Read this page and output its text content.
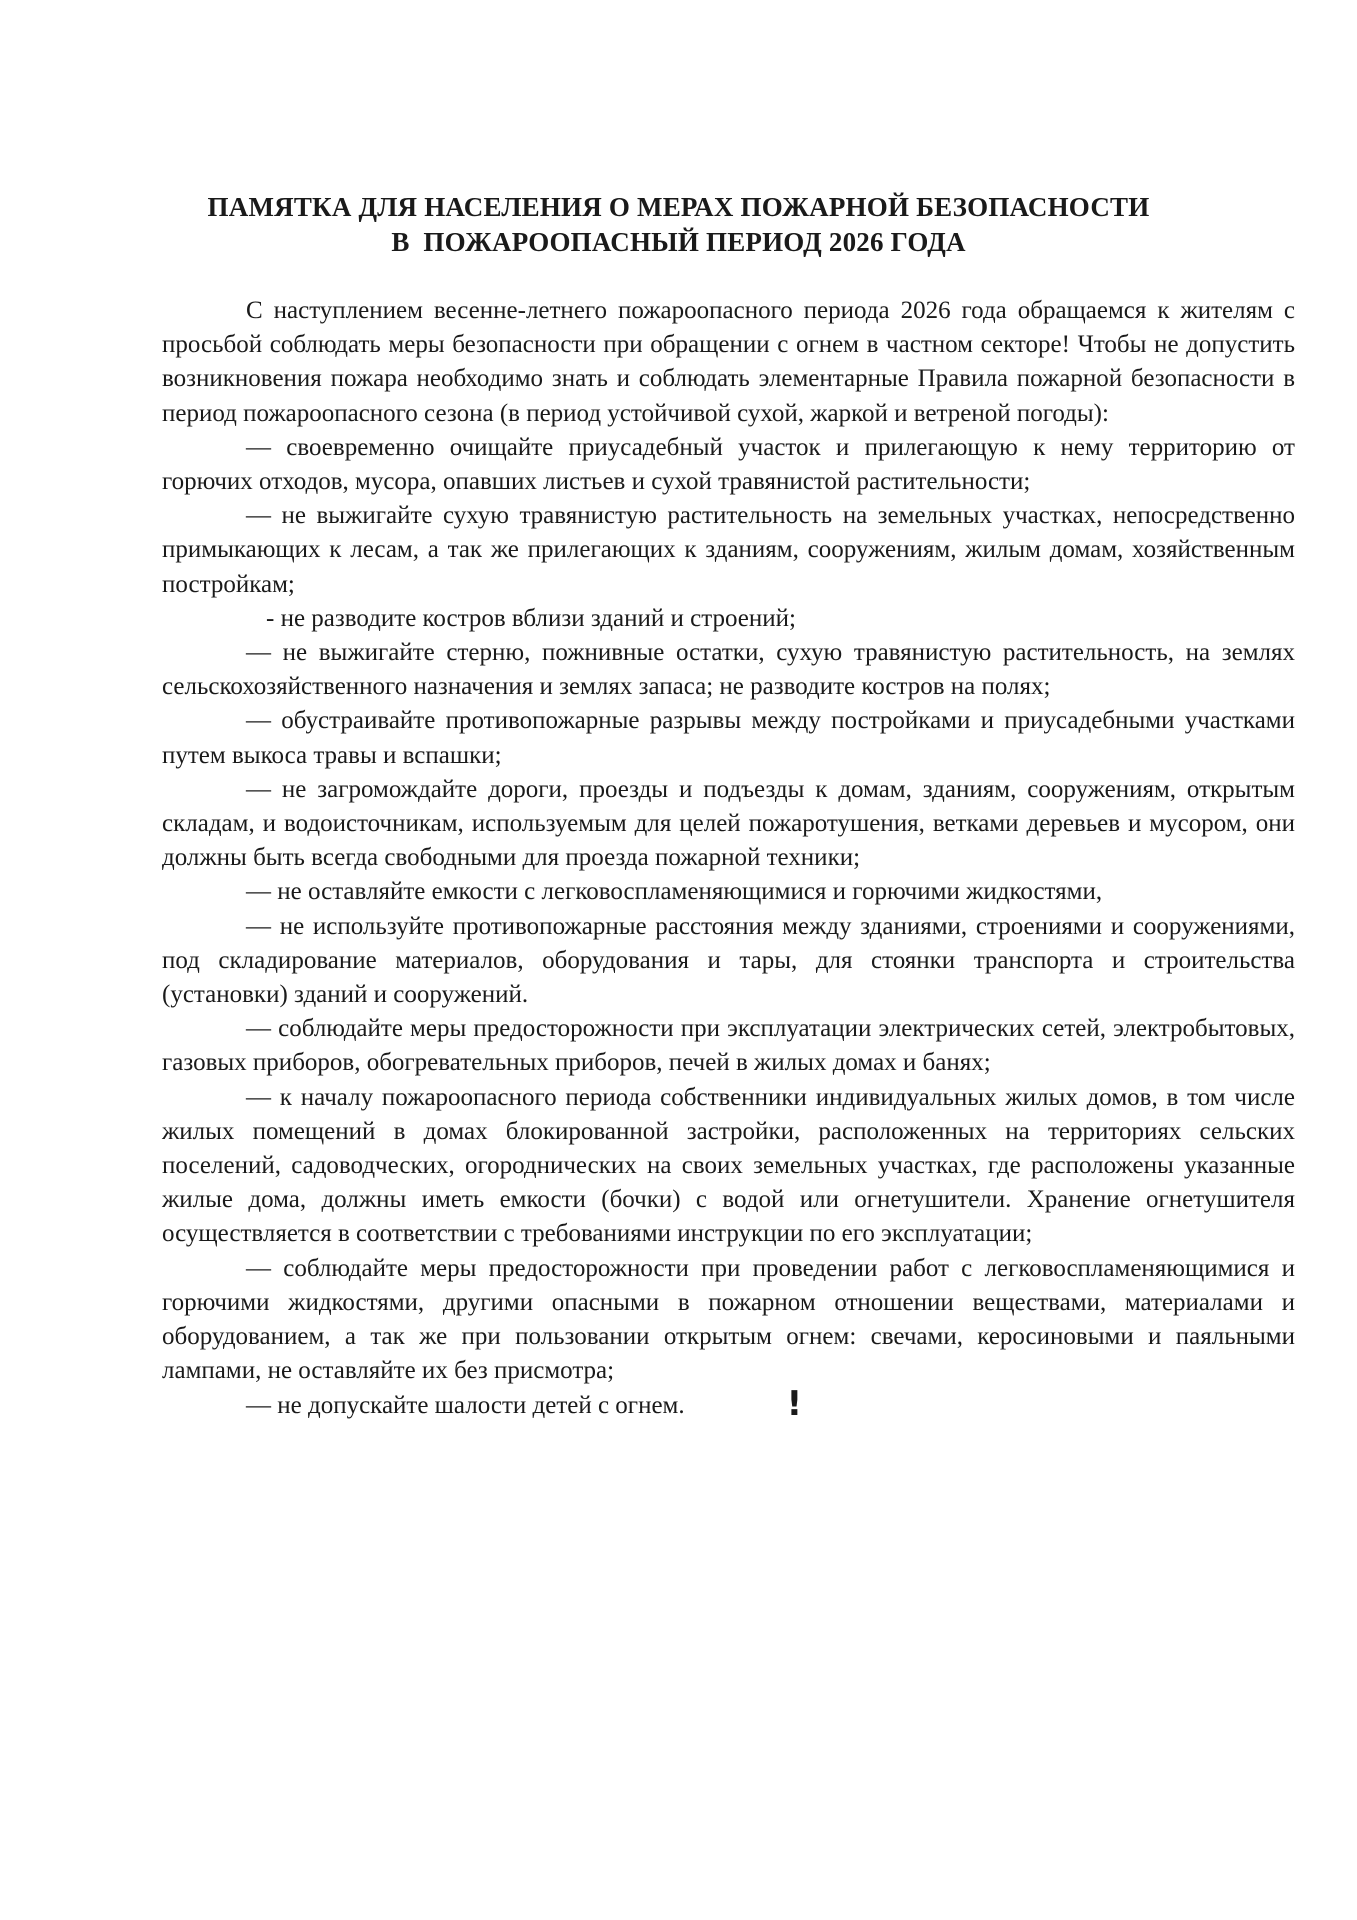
ПАМЯТКА ДЛЯ НАСЕЛЕНИЯ О МЕРАХ ПОЖАРНОЙ БЕЗОПАСНОСТИ
В  ПОЖАРООПАСНЫЙ ПЕРИОД 2026 ГОДА

С наступлением весенне-летнего пожароопасного периода 2026 года обращаемся к жителям с просьбой соблюдать меры безопасности при обращении с огнем в частном секторе! Чтобы не допустить возникновения пожара необходимо знать и соблюдать элементарные Правила пожарной безопасности в период пожароопасного сезона (в период устойчивой сухой, жаркой и ветреной погоды):

— своевременно очищайте приусадебный участок и прилегающую к нему территорию от горючих отходов, мусора, опавших листьев и сухой травянистой растительности;

— не выжигайте сухую травянистую растительность на земельных участках, непосредственно примыкающих к лесам, а так же прилегающих к зданиям, сооружениям, жилым домам, хозяйственным постройкам;

- не разводите костров вблизи зданий и строений;

— не выжигайте стерню, пожнивные остатки, сухую травянистую растительность, на землях сельскохозяйственного назначения и землях запаса; не разводите костров на полях;

— обустраивайте противопожарные разрывы между постройками и приусадебными участками путем выкоса травы и вспашки;

— не загромождайте дороги, проезды и подъезды к домам, зданиям, сооружениям, открытым складам, и водоисточникам, используемым для целей пожаротушения, ветками деревьев и мусором, они должны быть всегда свободными для проезда пожарной техники;

— не оставляйте емкости с легковоспламеняющимися и горючими жидкостями,

— не используйте противопожарные расстояния между зданиями, строениями и сооружениями, под складирование материалов, оборудования и тары, для стоянки транспорта и строительства (установки) зданий и сооружений.

— соблюдайте меры предосторожности при эксплуатации электрических сетей, электробытовых, газовых приборов, обогревательных приборов, печей в жилых домах и банях;

— к началу пожароопасного периода собственники индивидуальных жилых домов, в том числе жилых помещений в домах блокированной застройки, расположенных на территориях сельских поселений, садоводческих, огороднических на своих земельных участках, где расположены указанные жилые дома, должны иметь емкости (бочки) с водой или огнетушители. Хранение огнетушителя осуществляется в соответствии с требованиями инструкции по его эксплуатации;

— соблюдайте меры предосторожности при проведении работ с легковоспламеняющимися и горючими жидкостями, другими опасными в пожарном отношении веществами, материалами и оборудованием, а так же при пользовании открытым огнем: свечами, керосиновыми и паяльными лампами, не оставляйте их без присмотра;

— не допускайте шалости детей с огнем.	!
